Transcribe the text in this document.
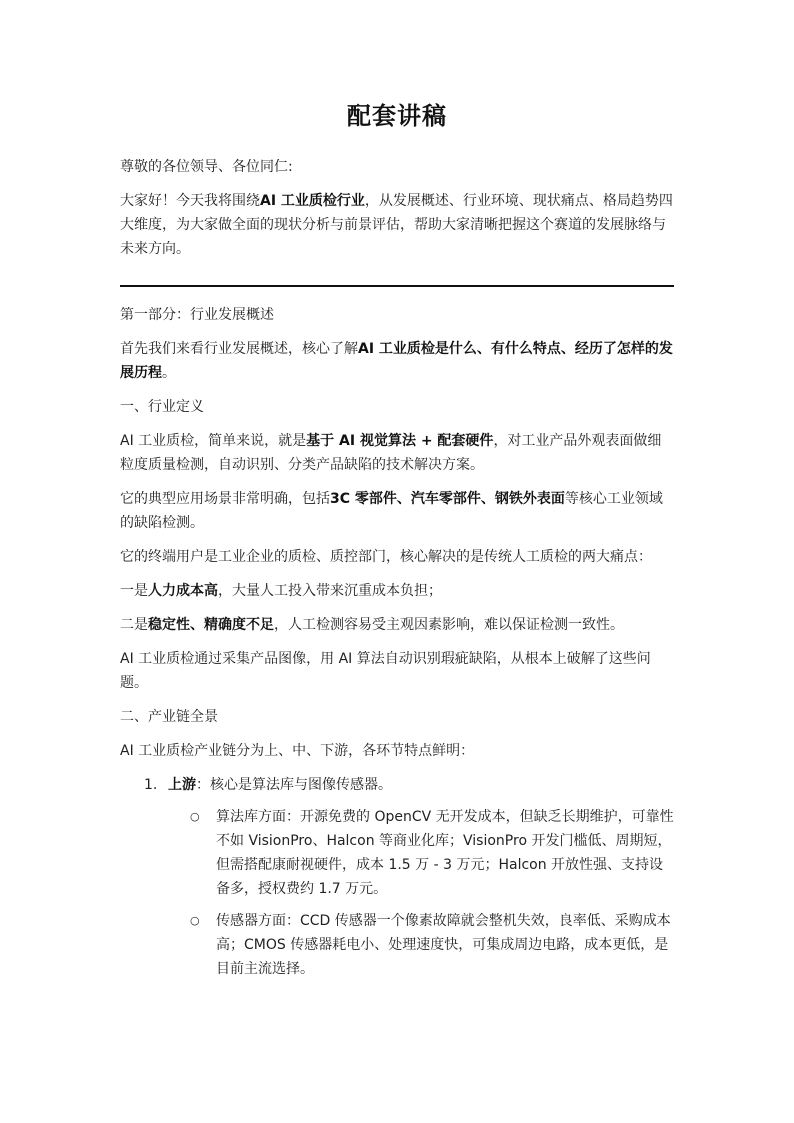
配套讲稿

尊敬的各位领导、各位同仁:

大家好！今天我将围绕AI 工业质检行业，从发展概述、行业环境、现状痛点、格局趋势四大维度，为大家做全面的现状分析与前景评估，帮助大家清晰把握这个赛道的发展脉络与未来方向。

第一部分：行业发展概述

首先我们来看行业发展概述，核心了解AI 工业质检是什么、有什么特点、经历了怎样的发展历程。

一、行业定义

AI 工业质检，简单来说，就是基于 AI 视觉算法 + 配套硬件，对工业产品外观表面做细粒度质量检测，自动识别、分类产品缺陷的技术解决方案。

它的典型应用场景非常明确，包括3C 零部件、汽车零部件、钢铁外表面等核心工业领域的缺陷检测。

它的终端用户是工业企业的质检、质控部门，核心解决的是传统人工质检的两大痛点：

一是人力成本高，大量人工投入带来沉重成本负担；

二是稳定性、精确度不足，人工检测容易受主观因素影响，难以保证检测一致性。

AI 工业质检通过采集产品图像，用 AI 算法自动识别瑕疵缺陷，从根本上破解了这些问题。

二、产业链全景

AI 工业质检产业链分为上、中、下游，各环节特点鲜明：

1. 上游：核心是算法库与图像传感器。
○ 算法库方面：开源免费的 OpenCV 无开发成本，但缺乏长期维护，可靠性不如 VisionPro、Halcon 等商业化库；VisionPro 开发门槛低、周期短，但需搭配康耐视硬件，成本 1.5 万 - 3 万元；Halcon 开放性强、支持设备多，授权费约 1.7 万元。
○ 传感器方面：CCD 传感器一个像素故障就会整机失效，良率低、采购成本高；CMOS 传感器耗电小、处理速度快，可集成周边电路，成本更低，是目前主流选择。
